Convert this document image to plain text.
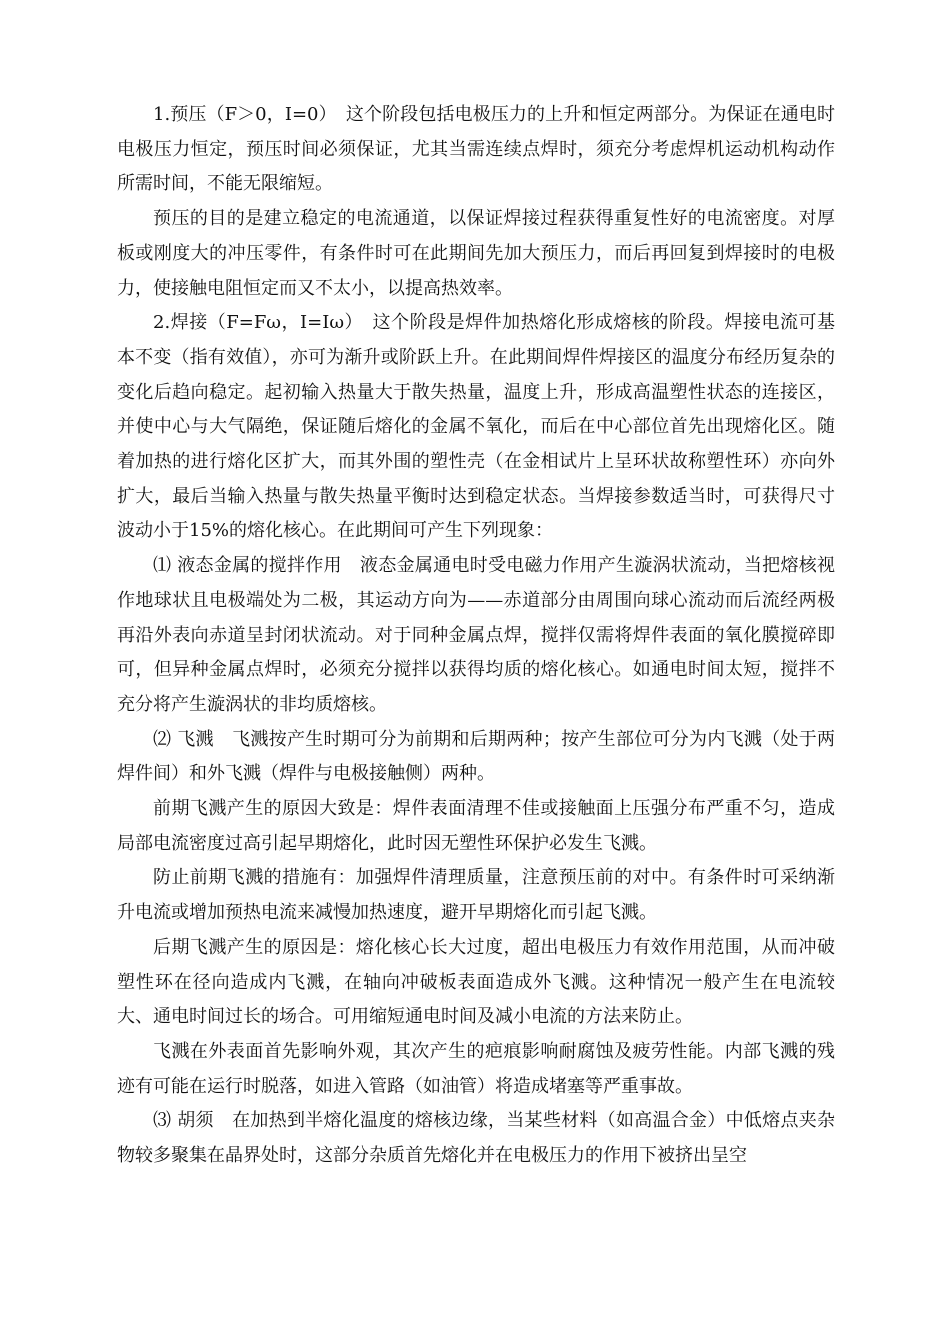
1.预压（F＞0，I=0）　这个阶段包括电极压力的上升和恒定两部分。为保证在通电时电极压力恒定，预压时间必须保证，尤其当需连续点焊时，须充分考虑焊机运动机构动作所需时间，不能无限缩短。

预压的目的是建立稳定的电流通道，以保证焊接过程获得重复性好的电流密度。对厚板或刚度大的冲压零件，有条件时可在此期间先加大预压力，而后再回复到焊接时的电极力，使接触电阻恒定而又不太小，以提高热效率。

2.焊接（F=Fω，I=Iω）　这个阶段是焊件加热熔化形成熔核的阶段。焊接电流可基本不变（指有效值），亦可为渐升或阶跃上升。在此期间焊件焊接区的温度分布经历复杂的变化后趋向稳定。起初输入热量大于散失热量，温度上升，形成高温塑性状态的连接区，并使中心与大气隔绝，保证随后熔化的金属不氧化，而后在中心部位首先出现熔化区。随着加热的进行熔化区扩大，而其外围的塑性壳（在金相试片上呈环状故称塑性环）亦向外扩大，最后当输入热量与散失热量平衡时达到稳定状态。当焊接参数适当时，可获得尺寸波动小于15%的熔化核心。在此期间可产生下列现象：

⑴ 液态金属的搅拌作用　液态金属通电时受电磁力作用产生漩涡状流动，当把熔核视作地球状且电极端处为二极，其运动方向为——赤道部分由周围向球心流动而后流经两极再沿外表向赤道呈封闭状流动。对于同种金属点焊，搅拌仅需将焊件表面的氧化膜搅碎即可，但异种金属点焊时，必须充分搅拌以获得均质的熔化核心。如通电时间太短，搅拌不充分将产生漩涡状的非均质熔核。

⑵ 飞溅　飞溅按产生时期可分为前期和后期两种；按产生部位可分为内飞溅（处于两焊件间）和外飞溅（焊件与电极接触侧）两种。

前期飞溅产生的原因大致是：焊件表面清理不佳或接触面上压强分布严重不匀，造成局部电流密度过高引起早期熔化，此时因无塑性环保护必发生飞溅。

防止前期飞溅的措施有：加强焊件清理质量，注意预压前的对中。有条件时可采纳渐升电流或增加预热电流来减慢加热速度，避开早期熔化而引起飞溅。

后期飞溅产生的原因是：熔化核心长大过度，超出电极压力有效作用范围，从而冲破塑性环在径向造成内飞溅，在轴向冲破板表面造成外飞溅。这种情况一般产生在电流较大、通电时间过长的场合。可用缩短通电时间及减小电流的方法来防止。

飞溅在外表面首先影响外观，其次产生的疤痕影响耐腐蚀及疲劳性能。内部飞溅的残迹有可能在运行时脱落，如进入管路（如油管）将造成堵塞等严重事故。

⑶ 胡须　在加热到半熔化温度的熔核边缘，当某些材料（如高温合金）中低熔点夹杂物较多聚集在晶界处时，这部分杂质首先熔化并在电极压力的作用下被挤出呈空
